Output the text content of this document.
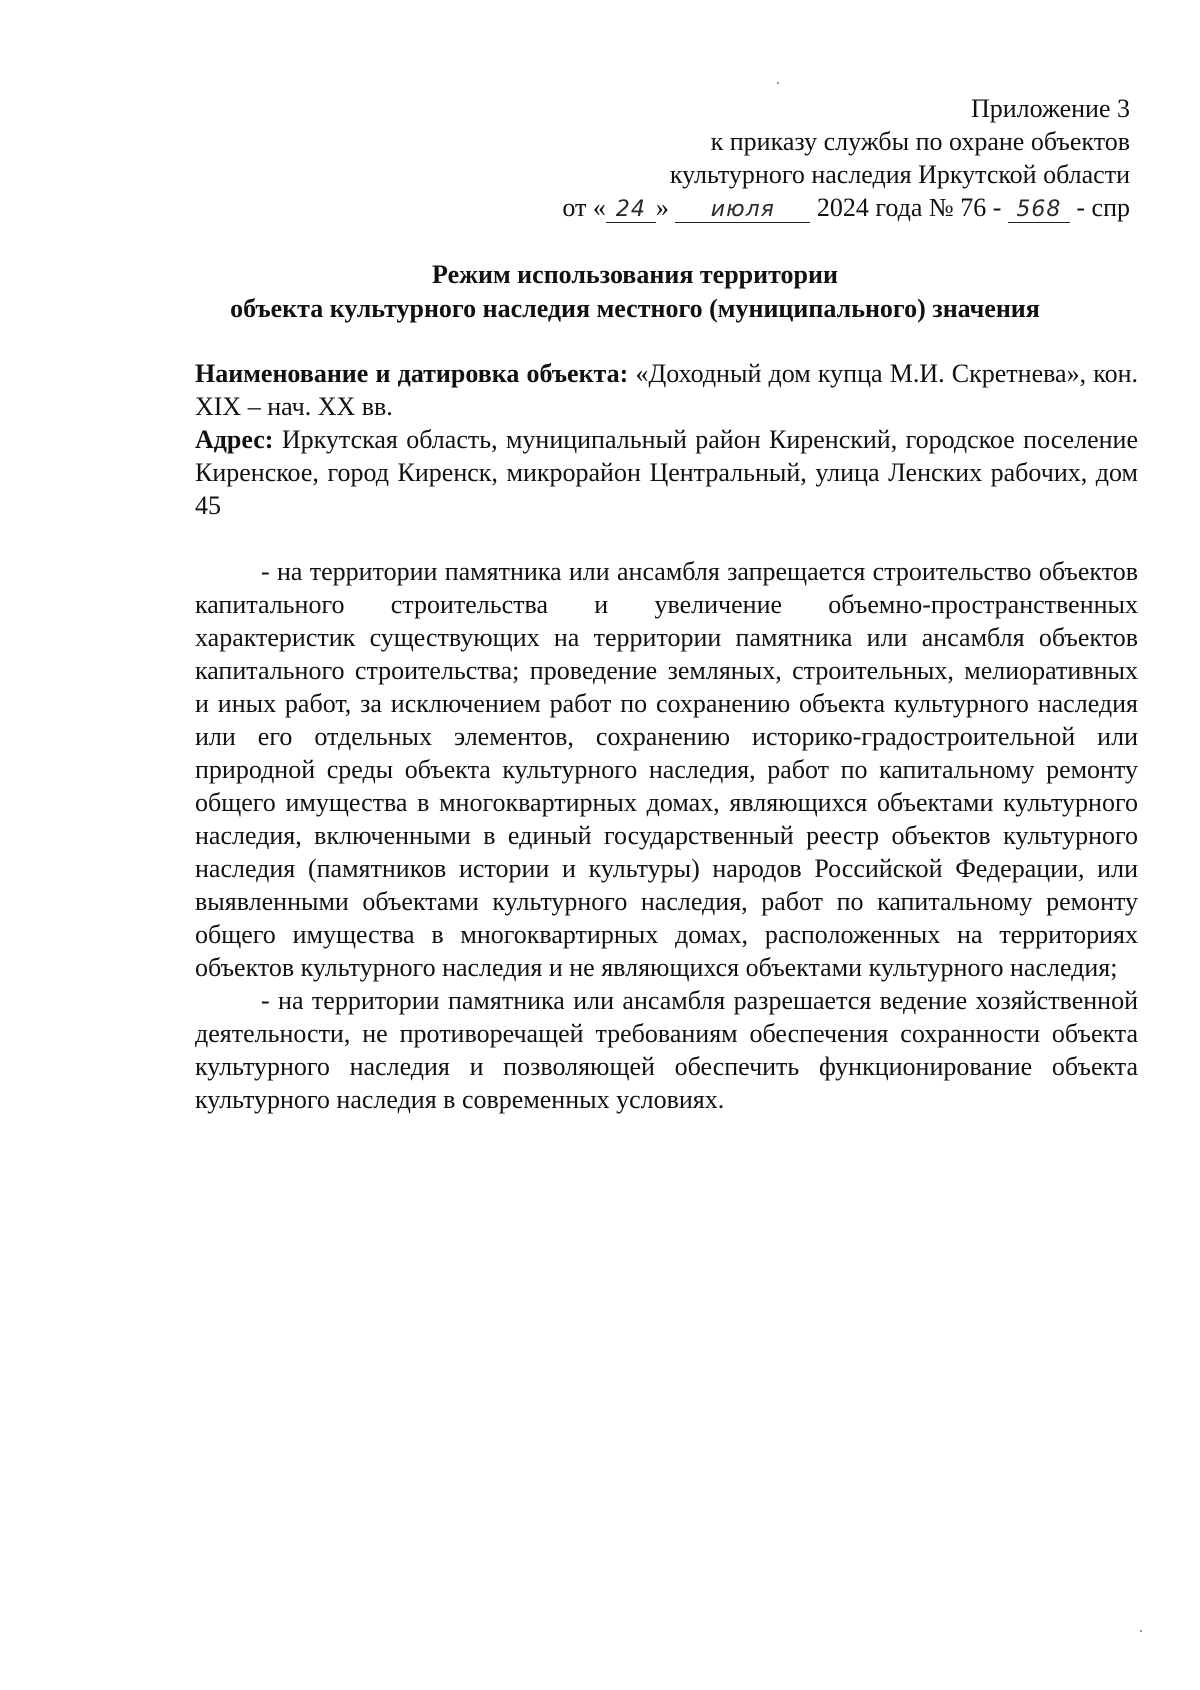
Приложение 3
к приказу службы по охране объектов
культурного наследия Иркутской области
от « 24 » июля 2024 года № 76 - 568 - спр
Режим использования территории
объекта культурного наследия местного (муниципального) значения

Наименование и датировка объекта: «Доходный дом купца М.И. Скретнева», кон. XIX – нач. XX вв.

Адрес: Иркутская область, муниципальный район Киренский, городское поселение Киренское, город Киренск, микрорайон Центральный, улица Ленских рабочих, дом 45

- на территории памятника или ансамбля запрещается строительство объектов капитального строительства и увеличение объемно-пространственных характеристик существующих на территории памятника или ансамбля объектов капитального строительства; проведение земляных, строительных, мелиоративных и иных работ, за исключением работ по сохранению объекта культурного наследия или его отдельных элементов, сохранению историко-градостроительной или природной среды объекта культурного наследия, работ по капитальному ремонту общего имущества в многоквартирных домах, являющихся объектами культурного наследия, включенными в единый государственный реестр объектов культурного наследия (памятников истории и культуры) народов Российской Федерации, или выявленными объектами культурного наследия, работ по капитальному ремонту общего имущества в многоквартирных домах, расположенных на территориях объектов культурного наследия и не являющихся объектами культурного наследия;

- на территории памятника или ансамбля разрешается ведение хозяйственной деятельности, не противоречащей требованиям обеспечения сохранности объекта культурного наследия и позволяющей обеспечить функционирование объекта культурного наследия в современных условиях.
